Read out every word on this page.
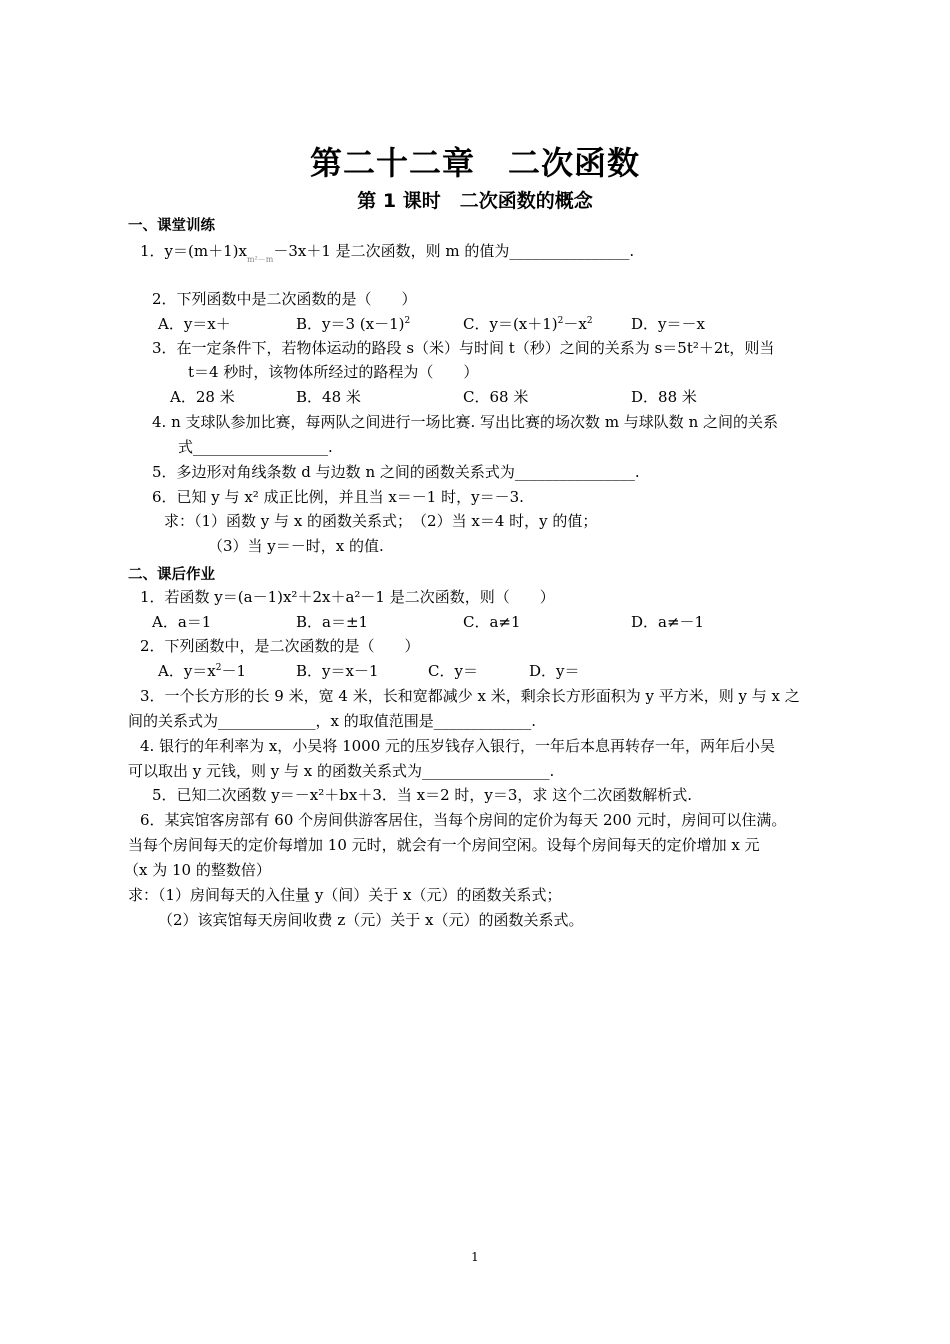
第二十二章　二次函数
第 1 课时　二次函数的概念
一、课堂训练
1．$y=(m+1)x_{m^2-m}-3x+1$ 是二次函数，则 m 的值为________________.
2．下列函数中是二次函数的是（　　）
A．y＝x＋	B．y＝3 $(x-1)^2$	C．$y=(x+1)^2-x^2$	D．y＝－x
3．在一定条件下，若物体运动的路段 s（米）与时间 t（秒）之间的关系为 s＝5t²＋2t，则当
t＝4 秒时，该物体所经过的路程为（　　）
A．28 米	B．48 米	C．68 米	D．88 米
4. n 支球队参加比赛，每两队之间进行一场比赛. 写出比赛的场次数 m 与球队数 n 之间的关系
式__________________.
5．多边形对角线条数 d 与边数 n 之间的函数关系式为________________.
6．已知 y 与 x² 成正比例，并且当 x＝－1 时，y＝－3.
求：（1）函数 y 与 x 的函数关系式；　（2）当 x＝4 时，y 的值；
（3）当 y＝－时，x 的值.
二、课后作业
1．若函数 y＝(a－1)x²＋2x＋a²－1 是二次函数，则（　　）
A．a＝1	B．a＝±1	C．a≠1	D．a≠－1
2．下列函数中，是二次函数的是（　　）
A．$y=x^2-1$	B．y＝x－1	C．y＝	D．y＝
3．一个长方形的长 9 米，宽 4 米，长和宽都减少 x 米，剩余长方形面积为 y 平方米，则 y 与 x 之
间的关系式为_____________，x 的取值范围是_____________.
4. 银行的年利率为 x，小吴将 1000 元的压岁钱存入银行，一年后本息再转存一年，两年后小吴
可以取出 y 元钱，则 y 与 x 的函数关系式为_________________.
5．已知二次函数 y＝－x²＋bx＋3．当 x＝2 时，y＝3，求 这个二次函数解析式.
6．某宾馆客房部有 60 个房间供游客居住，当每个房间的定价为每天 200 元时，房间可以住满。
当每个房间每天的定价每增加 10 元时，就会有一个房间空闲。设每个房间每天的定价增加 x 元
（x 为 10 的整数倍）
求：（1）房间每天的入住量 y（间）关于 x（元）的函数关系式；
（2）该宾馆每天房间收费 z（元）关于 x（元）的函数关系式。
1
